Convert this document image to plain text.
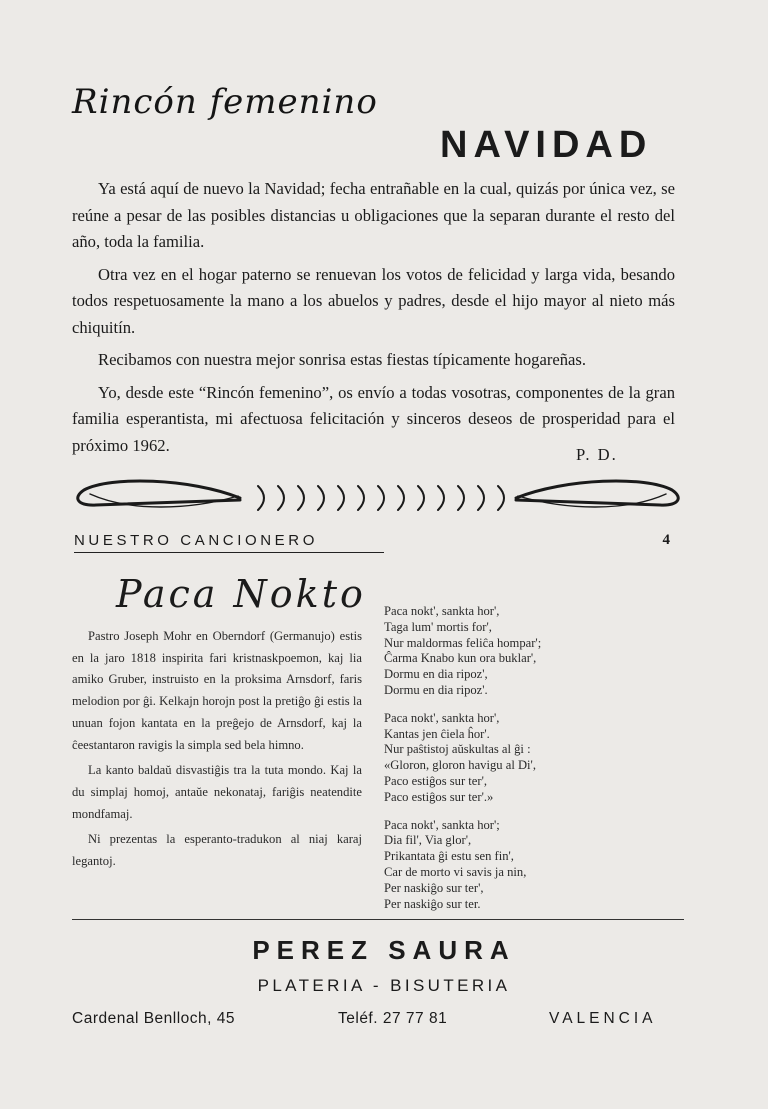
Rincón femenino
NAVIDAD

Ya está aquí de nuevo la Navidad; fecha entrañable en la cual, quizás por única vez, se reúne a pesar de las posibles distancias u obligaciones que la separan durante el resto del año, toda la familia.

Otra vez en el hogar paterno se renuevan los votos de felicidad y larga vida, besando todos respetuosamente la mano a los abuelos y padres, desde el hijo mayor al nieto más chiquitín.

Recibamos con nuestra mejor sonrisa estas fiestas típicamente hogareñas.

Yo, desde este “Rincón femenino”, os envío a todas vosotras, componentes de la gran familia esperantista, mi afectuosa felicitación y sinceros deseos de prosperidad para el próximo 1962.	P. D.
NUESTRO CANCIONERO	4
Paca Nokto

Pastro Joseph Mohr en Oberndorf (Germanujo) estis en la jaro 1818 inspirita fari kristnaskpoemon, kaj lia amiko Gruber, instruisto en la proksima Arnsdorf, faris melodion por ĝi. Kelkajn horojn post la pretiĝo ĝi estis la unuan fojon kantata en la preĝejo de Arnsdorf, kaj la ĉeestantaron ravigis la simpla sed bela himno.

La kanto baldaŭ disvastiĝis tra la tuta mondo. Kaj la du simplaj homoj, antaŭe nekonataj, fariĝis neatendite mondfamaj.

Ni prezentas la esperanto-tradukon al niaj karaj legantoj.

Paca nokt', sankta hor',
Taga lum' mortis for',
Nur maldormas feliĉa hompar';
Ĉarma Knabo kun ora buklar',
Dormu en dia ripoz',
Dormu en dia ripoz'.
Paca nokt', sankta hor',
Kantas jen ĉiela ĥor'.
Nur paŝtistoj aŭskultas al ĝi :
«Gloron, gloron havigu al Di',
Paco estiĝos sur ter',
Paco estiĝos sur ter'.»
Paca nokt', sankta hor';
Dia fil', Via glor',
Prikantata ĝi estu sen fin',
Car de morto vi savis ja nin,
Per naskiĝo sur ter',
Per naskiĝo sur ter.
PEREZ SAURA
PLATERIA - BISUTERIA
Cardenal Benlloch, 45	Teléf. 27 77 81	VALENCIA
